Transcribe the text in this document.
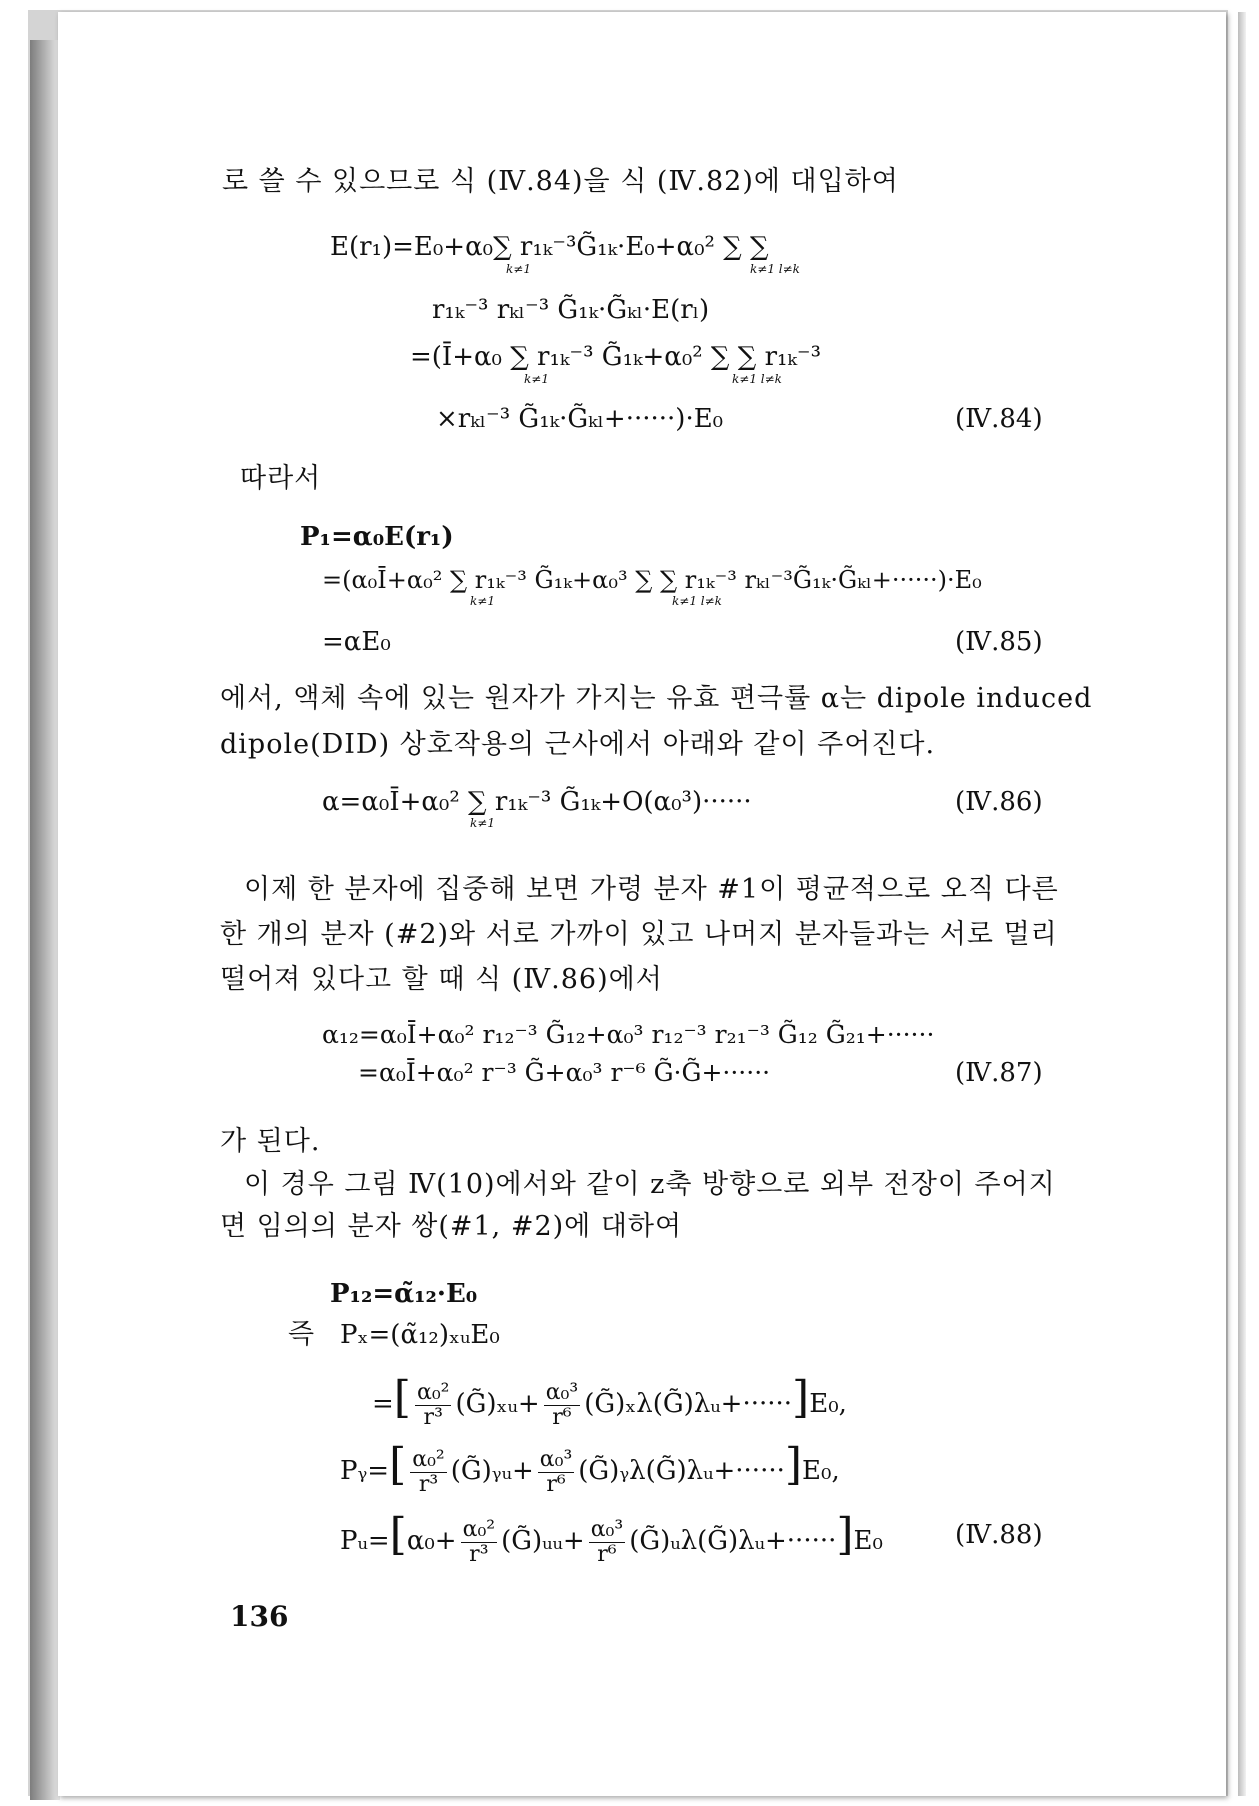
로 쓸 수 있으므로 식 (Ⅳ.84)을 식 (Ⅳ.82)에 대입하여
E(r₁)=E₀+α₀∑ r₁ₖ⁻³G̃₁ₖ·E₀+α₀² ∑ ∑
k≠1	k≠1 l≠k
r₁ₖ⁻³ rₖₗ⁻³ G̃₁ₖ·G̃ₖₗ·E(rₗ)
=(Ī+α₀ ∑ r₁ₖ⁻³ G̃₁ₖ+α₀² ∑ ∑ r₁ₖ⁻³
k≠1	k≠1 l≠k
×rₖₗ⁻³ G̃₁ₖ·G̃ₖₗ+······)·E₀	(Ⅳ.84)
따라서
P₁=α₀E(r₁)
=(α₀Ī+α₀² ∑ r₁ₖ⁻³ G̃₁ₖ+α₀³ ∑ ∑ r₁ₖ⁻³ rₖₗ⁻³G̃₁ₖ·G̃ₖₗ+······)·E₀
k≠1	k≠1 l≠k
=αE₀	(Ⅳ.85)
에서, 액체 속에 있는 원자가 가지는 유효 편극률 α는 dipole induced
dipole(DID) 상호작용의 근사에서 아래와 같이 주어진다.
α=α₀Ī+α₀² ∑ r₁ₖ⁻³ G̃₁ₖ+O(α₀³)······
k≠1
(Ⅳ.86)
이제 한 분자에 집중해 보면 가령 분자 #1이 평균적으로 오직 다른
한 개의 분자 (#2)와 서로 가까이 있고 나머지 분자들과는 서로 멀리
떨어져 있다고 할 때 식 (Ⅳ.86)에서
α₁₂=α₀Ī+α₀² r₁₂⁻³ G̃₁₂+α₀³ r₁₂⁻³ r₂₁⁻³ G̃₁₂ G̃₂₁+······
=α₀Ī+α₀² r⁻³ G̃+α₀³ r⁻⁶ G̃·G̃+······	(Ⅳ.87)
가 된다.
이 경우 그림 Ⅳ(10)에서와 같이 z축 방향으로 외부 전장이 주어지
면 임의의 분자 쌍(#1, #2)에 대하여
P₁₂=α̃₁₂·E₀
즉 Pₓ=(α̃₁₂)ₓᵤE₀
=[ $\frac{\text{α₀²}}{\text{r³}}$ (G̃)ₓᵤ+ $\frac{\text{α₀³}}{\text{r⁶}}$ (G̃)ₓλ(G̃)λᵤ+······]E₀,
Pᵧ=[ $\frac{\text{α₀²}}{\text{r³}}$ (G̃)ᵧᵤ+ $\frac{\text{α₀³}}{\text{r⁶}}$ (G̃)ᵧλ(G̃)λᵤ+······]E₀,
Pᵤ=[α₀+ $\frac{\text{α₀²}}{\text{r³}}$ (G̃)ᵤᵤ+ $\frac{\text{α₀³}}{\text{r⁶}}$ (G̃)ᵤλ(G̃)λᵤ+······]E₀	(Ⅳ.88)
136
